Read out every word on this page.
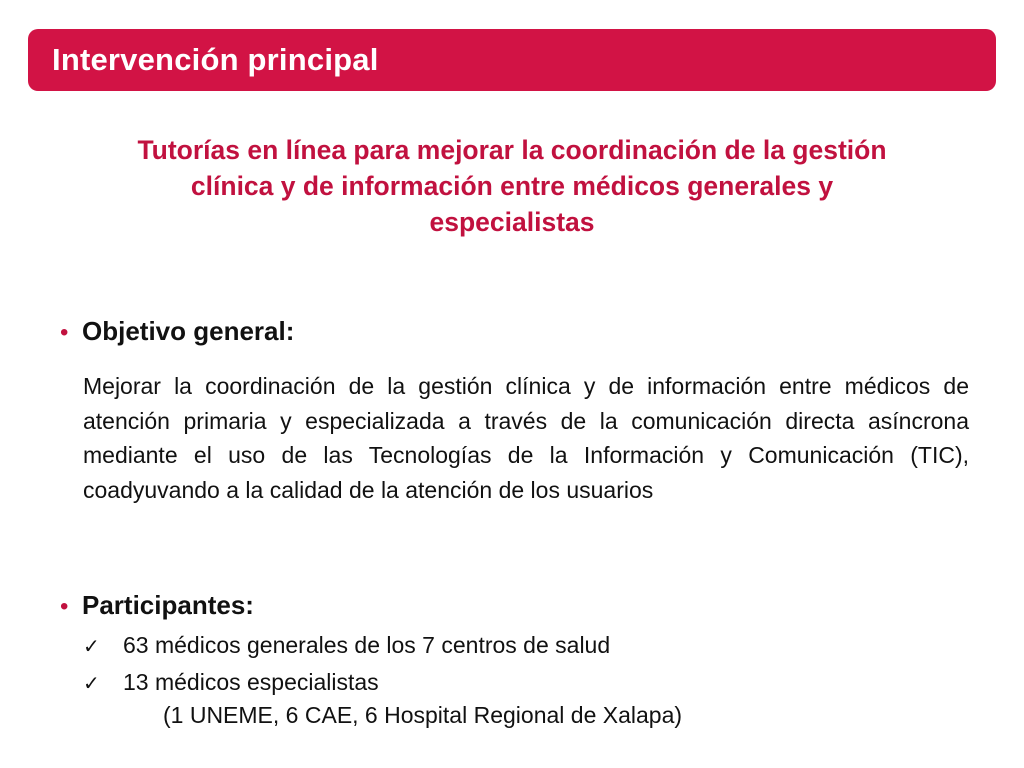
Intervención principal
Tutorías en línea para mejorar la coordinación de la gestión
clínica y de información entre médicos generales y
especialistas
• Objetivo general:
Mejorar la coordinación de la gestión clínica y de información entre médicos de atención primaria y especializada a través de la comunicación directa asíncrona mediante el uso de las Tecnologías de la Información y Comunicación (TIC), coadyuvando a la calidad de la atención de los usuarios
• Participantes:
✓	63 médicos generales de los 7 centros de salud
✓	13 médicos especialistas
(1 UNEME, 6 CAE, 6 Hospital Regional de Xalapa)
